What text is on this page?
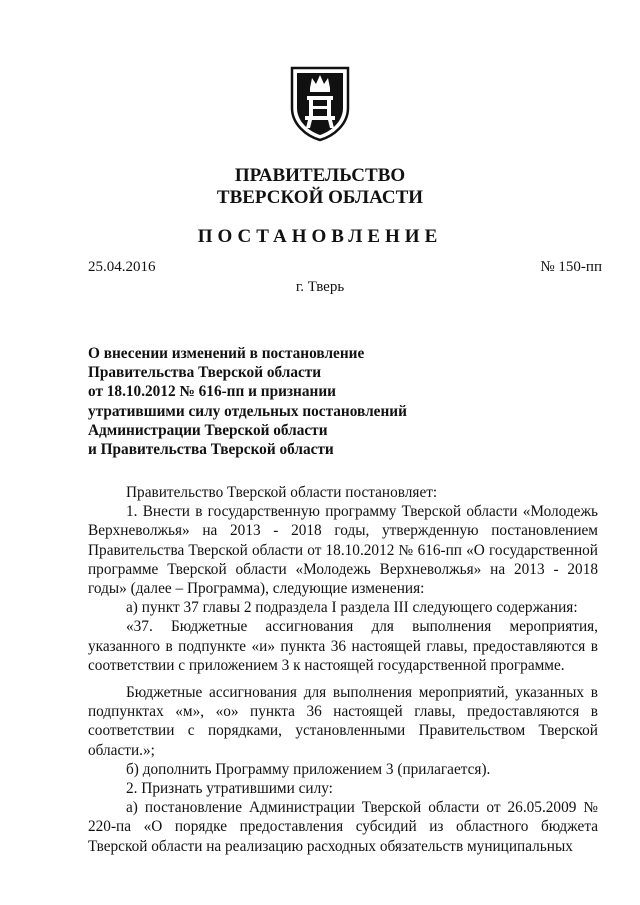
ПРАВИТЕЛЬСТВО
ТВЕРСКОЙ ОБЛАСТИ
ПОСТАНОВЛЕНИЕ
25.04.2016	№ 150-пп
г. Тверь
О внесении изменений в постановление
Правительства Тверской области
от 18.10.2012 № 616-пп и признании
утратившими силу отдельных постановлений
Администрации Тверской области
и Правительства Тверской области
Правительство Тверской области постановляет:
1. Внести в государственную программу Тверской области «Молодежь Верхневолжья» на 2013 - 2018 годы, утвержденную постановлением Правительства Тверской области от 18.10.2012 № 616-пп «О государственной программе Тверской области «Молодежь Верхневолжья» на 2013 - 2018 годы» (далее – Программа), следующие изменения:
а) пункт 37 главы 2 подраздела I раздела III следующего содержания:
«37. Бюджетные ассигнования для выполнения мероприятия, указанного в подпункте «и» пункта 36 настоящей главы, предоставляются в соответствии с приложением 3 к настоящей государственной программе.
Бюджетные ассигнования для выполнения мероприятий, указанных в подпунктах «м», «о» пункта 36 настоящей главы, предоставляются в соответствии с порядками, установленными Правительством Тверской области.»;
б) дополнить Программу приложением 3 (прилагается).
2. Признать утратившими силу:
а) постановление Администрации Тверской области от 26.05.2009 № 220-па «О порядке предоставления субсидий из областного бюджета Тверской области на реализацию расходных обязательств муниципальных
